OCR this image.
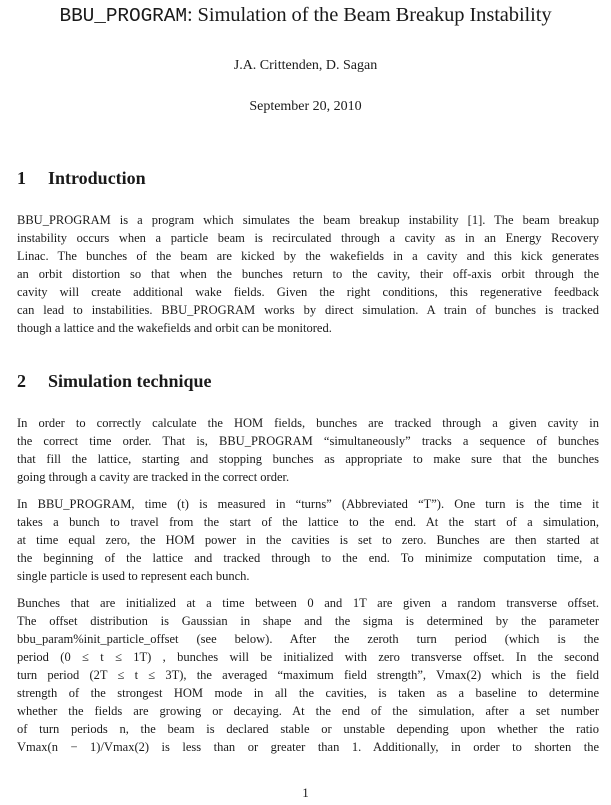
BBU_PROGRAM: Simulation of the Beam Breakup Instability
J.A. Crittenden, D. Sagan
September 20, 2010
1 Introduction
BBU_PROGRAM is a program which simulates the beam breakup instability [1]. The beam breakup
instability occurs when a particle beam is recirculated through a cavity as in an Energy Recovery
Linac. The bunches of the beam are kicked by the wakefields in a cavity and this kick generates
an orbit distortion so that when the bunches return to the cavity, their off-axis orbit through the
cavity will create additional wake fields. Given the right conditions, this regenerative feedback
can lead to instabilities. BBU_PROGRAM works by direct simulation. A train of bunches is tracked
though a lattice and the wakefields and orbit can be monitored.
2 Simulation technique
In order to correctly calculate the HOM fields, bunches are tracked through a given cavity in
the correct time order. That is, BBU_PROGRAM “simultaneously” tracks a sequence of bunches
that fill the lattice, starting and stopping bunches as appropriate to make sure that the bunches
going through a cavity are tracked in the correct order.
In BBU_PROGRAM, time (t) is measured in “turns” (Abbreviated “T”). One turn is the time it
takes a bunch to travel from the start of the lattice to the end. At the start of a simulation,
at time equal zero, the HOM power in the cavities is set to zero. Bunches are then started at
the beginning of the lattice and tracked through to the end. To minimize computation time, a
single particle is used to represent each bunch.
Bunches that are initialized at a time between 0 and 1T are given a random transverse offset.
The offset distribution is Gaussian in shape and the sigma is determined by the parameter
bbu_param%init_particle_offset (see below). After the zeroth turn period (which is the
period (0 ≤ t ≤ 1T) , bunches will be initialized with zero transverse offset. In the second
turn period (2T ≤ t ≤ 3T), the averaged “maximum field strength”, Vmax(2) which is the field
strength of the strongest HOM mode in all the cavities, is taken as a baseline to determine
whether the fields are growing or decaying. At the end of the simulation, after a set number
of turn periods n, the beam is declared stable or unstable depending upon whether the ratio
Vmax(n − 1)/Vmax(2) is less than or greater than 1. Additionally, in order to shorten the
1
